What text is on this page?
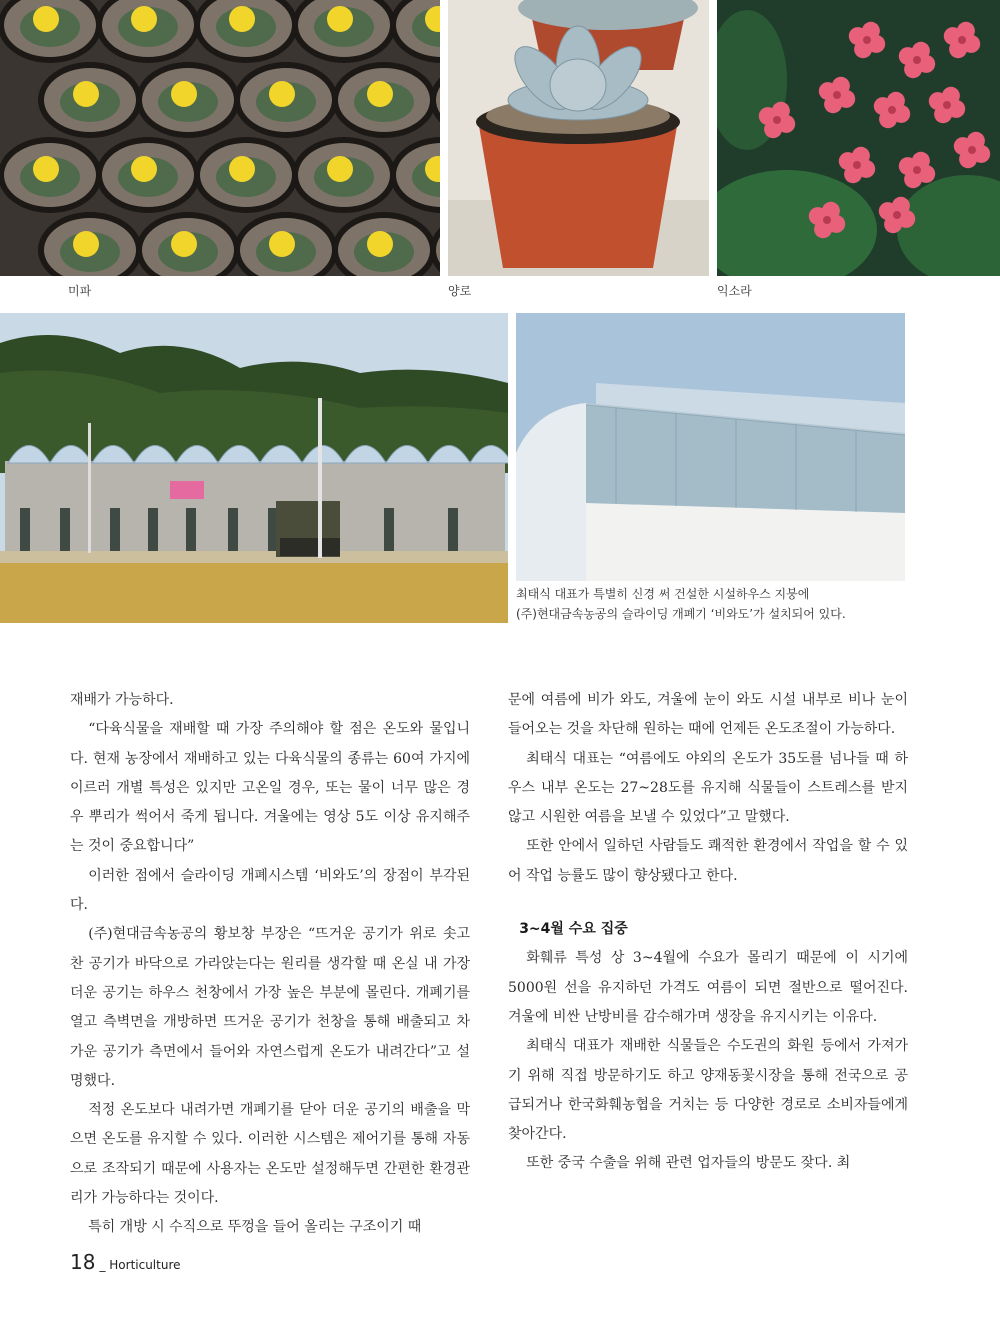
미파	양로	익소라
최태식 대표가 특별히 신경 써 건설한 시설하우스 지붕에
(주)현대금속농공의 슬라이딩 개폐기 ‘비와도’가 설치되어 있다.

재배가 가능하다.

“다육식물을 재배할 때 가장 주의해야 할 점은 온도와 물입니다. 현재 농장에서 재배하고 있는 다육식물의 종류는 60여 가지에 이르러 개별 특성은 있지만 고온일 경우, 또는 물이 너무 많은 경우 뿌리가 썩어서 죽게 됩니다. 겨울에는 영상 5도 이상 유지해주는 것이 중요합니다”

이러한 점에서 슬라이딩 개폐시스템 ‘비와도’의 장점이 부각된다.

(주)현대금속농공의 황보창 부장은 “뜨거운 공기가 위로 솟고 찬 공기가 바닥으로 가라앉는다는 원리를 생각할 때 온실 내 가장 더운 공기는 하우스 천창에서 가장 높은 부분에 몰린다. 개폐기를 열고 측벽면을 개방하면 뜨거운 공기가 천창을 통해 배출되고 차가운 공기가 측면에서 들어와 자연스럽게 온도가 내려간다”고 설명했다.

적정 온도보다 내려가면 개폐기를 닫아 더운 공기의 배출을 막으면 온도를 유지할 수 있다. 이러한 시스템은 제어기를 통해 자동으로 조작되기 때문에 사용자는 온도만 설정해두면 간편한 환경관리가 가능하다는 것이다.

특히 개방 시 수직으로 뚜껑을 들어 올리는 구조이기 때

문에 여름에 비가 와도, 겨울에 눈이 와도 시설 내부로 비나 눈이 들어오는 것을 차단해 원하는 때에 언제든 온도조절이 가능하다.

최태식 대표는 “여름에도 야외의 온도가 35도를 넘나들 때 하우스 내부 온도는 27~28도를 유지해 식물들이 스트레스를 받지 않고 시원한 여름을 보낼 수 있었다”고 말했다.

또한 안에서 일하던 사람들도 쾌적한 환경에서 작업을 할 수 있어 작업 능률도 많이 향상됐다고 한다.

3~4월 수요 집중

화훼류 특성 상 3~4월에 수요가 몰리기 때문에 이 시기에 5000원 선을 유지하던 가격도 여름이 되면 절반으로 떨어진다. 겨울에 비싼 난방비를 감수해가며 생장을 유지시키는 이유다.

최태식 대표가 재배한 식물들은 수도권의 화원 등에서 가져가기 위해 직접 방문하기도 하고 양재동꽃시장을 통해 전국으로 공급되거나 한국화훼농협을 거치는 등 다양한 경로로 소비자들에게 찾아간다.

또한 중국 수출을 위해 관련 업자들의 방문도 잦다. 최

18 _ Horticulture
